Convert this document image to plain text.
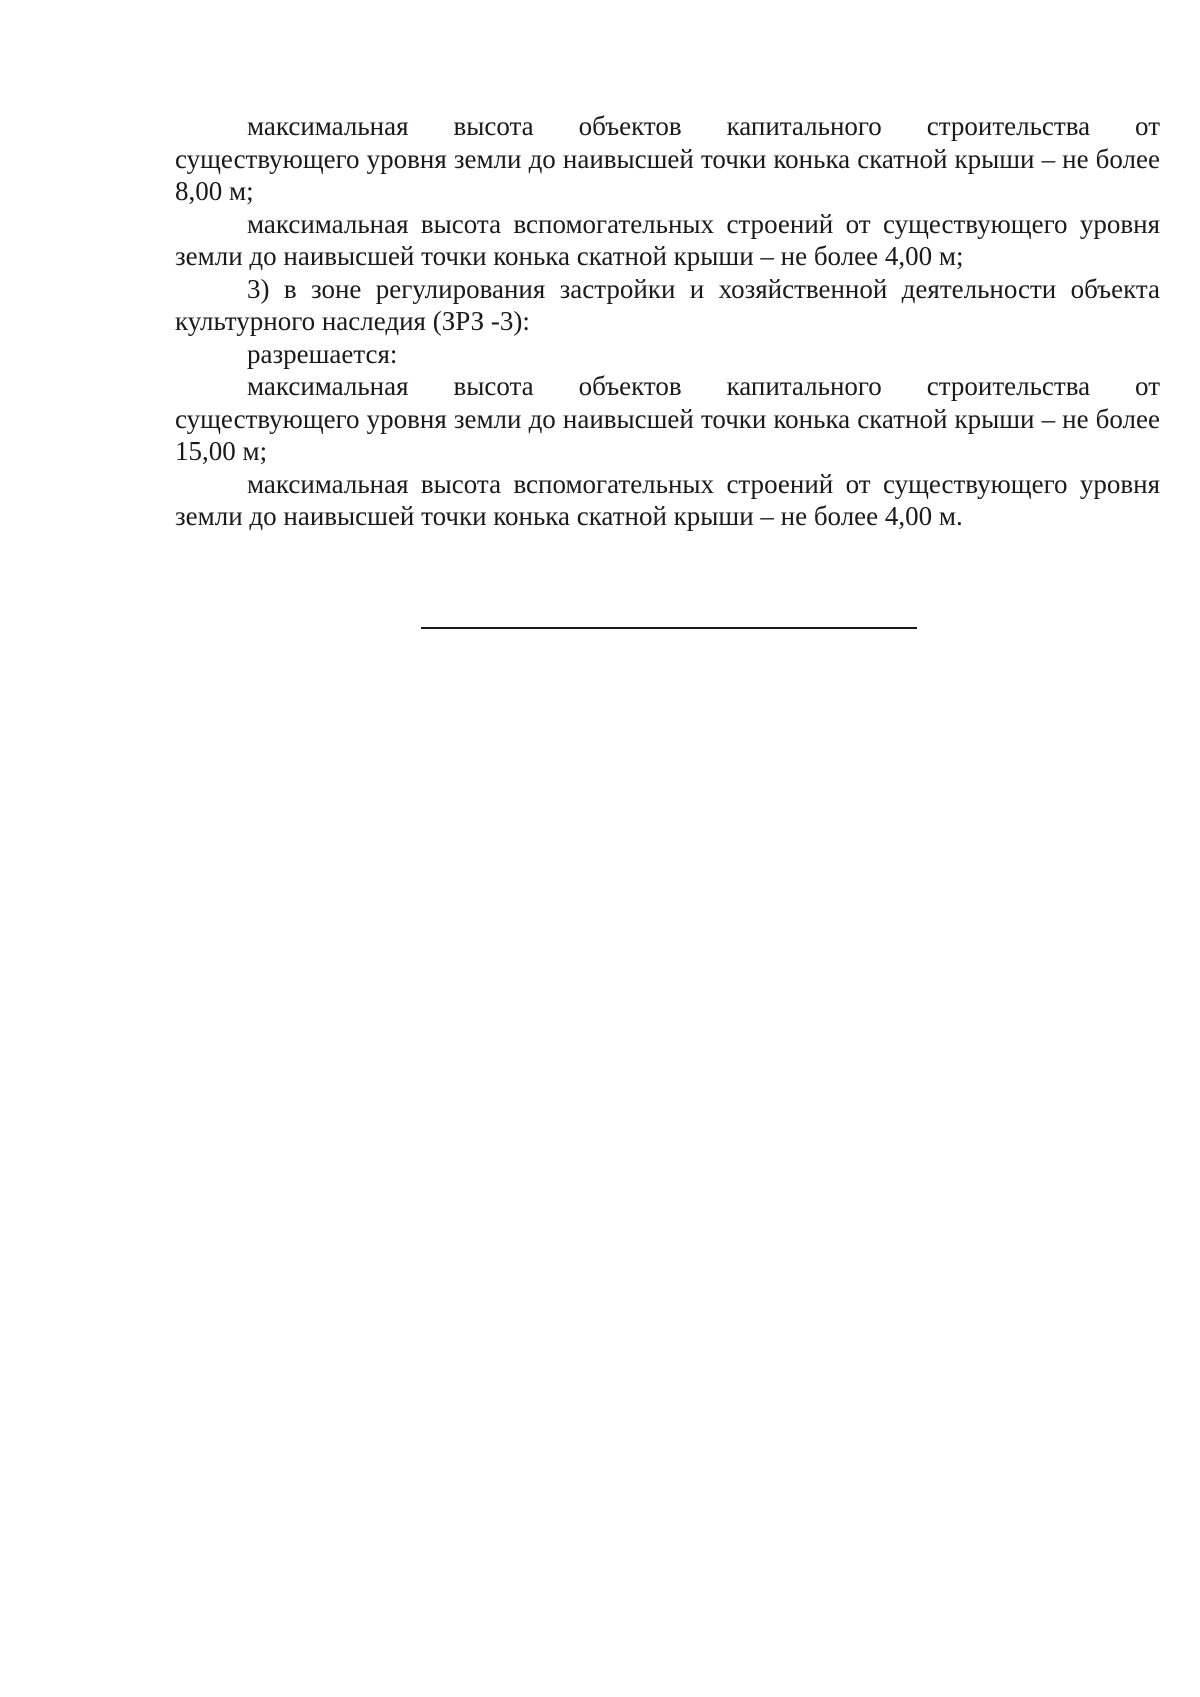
максимальная высота объектов капитального строительства от существующего уровня земли до наивысшей точки конька скатной крыши – не более 8,00 м;

максимальная высота вспомогательных строений от существующего уровня земли до наивысшей точки конька скатной крыши – не более 4,00 м;

3) в зоне регулирования застройки и хозяйственной деятельности объекта культурного наследия (ЗРЗ -3):

разрешается:

максимальная высота объектов капитального строительства от существующего уровня земли до наивысшей точки конька скатной крыши – не более 15,00 м;

максимальная высота вспомогательных строений от существующего уровня земли до наивысшей точки конька скатной крыши – не более 4,00 м.
